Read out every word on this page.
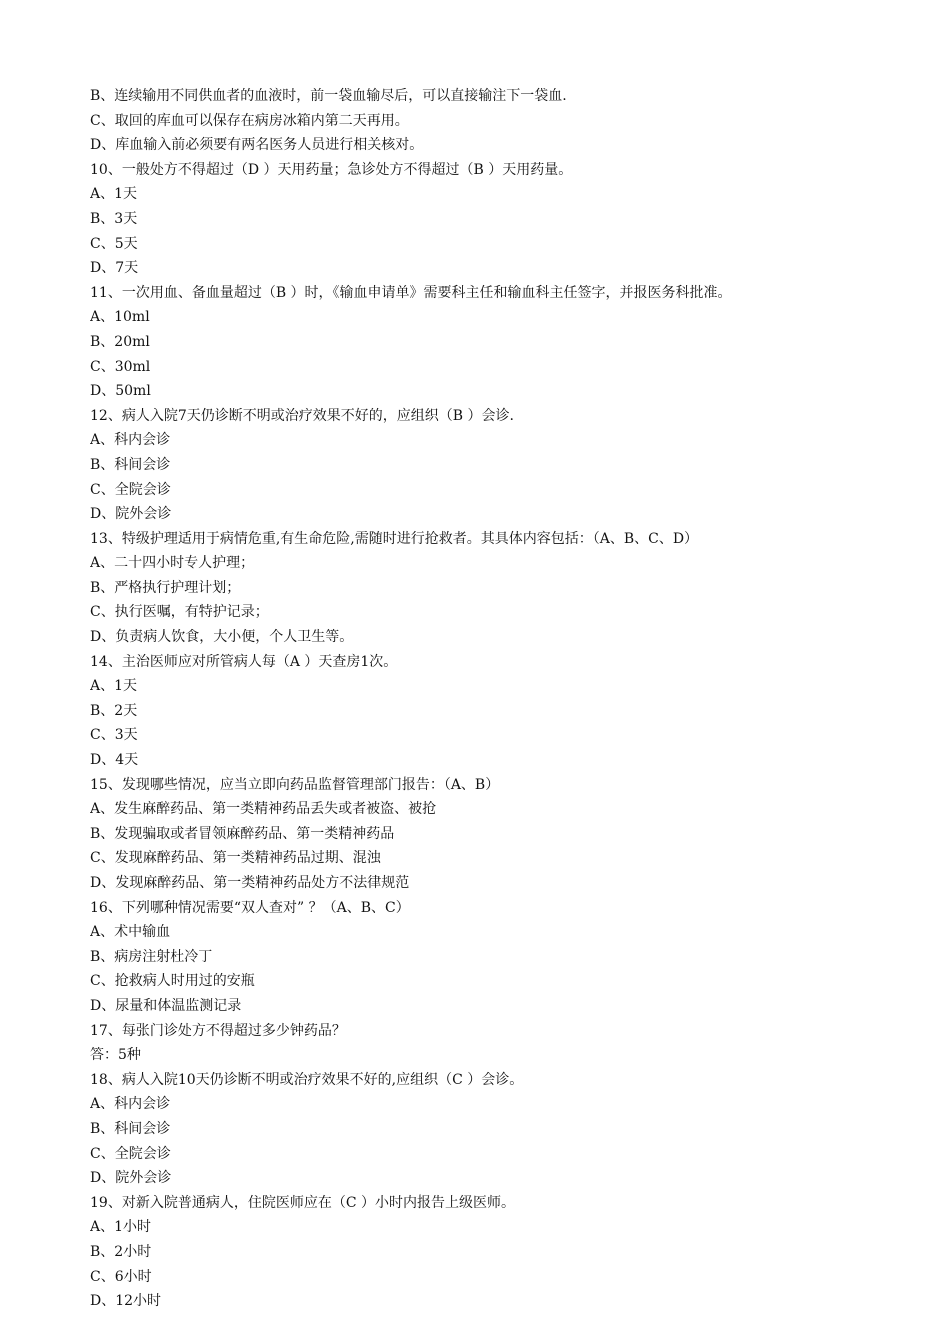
B、连续输用不同供血者的血液时，前一袋血输尽后，可以直接输注下一袋血.
C、取回的库血可以保存在病房冰箱内第二天再用。
D、库血输入前必须要有两名医务人员进行相关核对。
10、一般处方不得超过（D ）天用药量；急诊处方不得超过（B ）天用药量。
A、1天
B、3天
C、5天
D、7天
11、一次用血、备血量超过（B ）时，《输血申请单》需要科主任和输血科主任签字，并报医务科批准。
A、10ml
B、20ml
C、30ml
D、50ml
12、病人入院7天仍诊断不明或治疗效果不好的，应组织（B ）会诊.
A、科内会诊
B、科间会诊
C、全院会诊
D、院外会诊
13、特级护理适用于病情危重,有生命危险,需随时进行抢救者。其具体内容包括：（A、B、C、D）
A、二十四小时专人护理；
B、严格执行护理计划；
C、执行医嘱，有特护记录；
D、负责病人饮食，大小便，个人卫生等。
14、主治医师应对所管病人每（A ）天查房1次。
A、1天
B、2天
C、3天
D、4天
15、发现哪些情况，应当立即向药品监督管理部门报告：（A、B）
A、发生麻醉药品、第一类精神药品丢失或者被盗、被抢
B、发现骗取或者冒领麻醉药品、第一类精神药品
C、发现麻醉药品、第一类精神药品过期、混浊
D、发现麻醉药品、第一类精神药品处方不法律规范
16、下列哪种情况需要“双人查对” ？（A、B、C）
A、术中输血
B、病房注射杜冷丁
C、抢救病人时用过的安瓶
D、尿量和体温监测记录
17、每张门诊处方不得超过多少钟药品？
答：5种
18、病人入院10天仍诊断不明或治疗效果不好的,应组织（C ）会诊。
A、科内会诊
B、科间会诊
C、全院会诊
D、院外会诊
19、对新入院普通病人，住院医师应在（C ）小时内报告上级医师。
A、1小时
B、2小时
C、6小时
D、12小时
